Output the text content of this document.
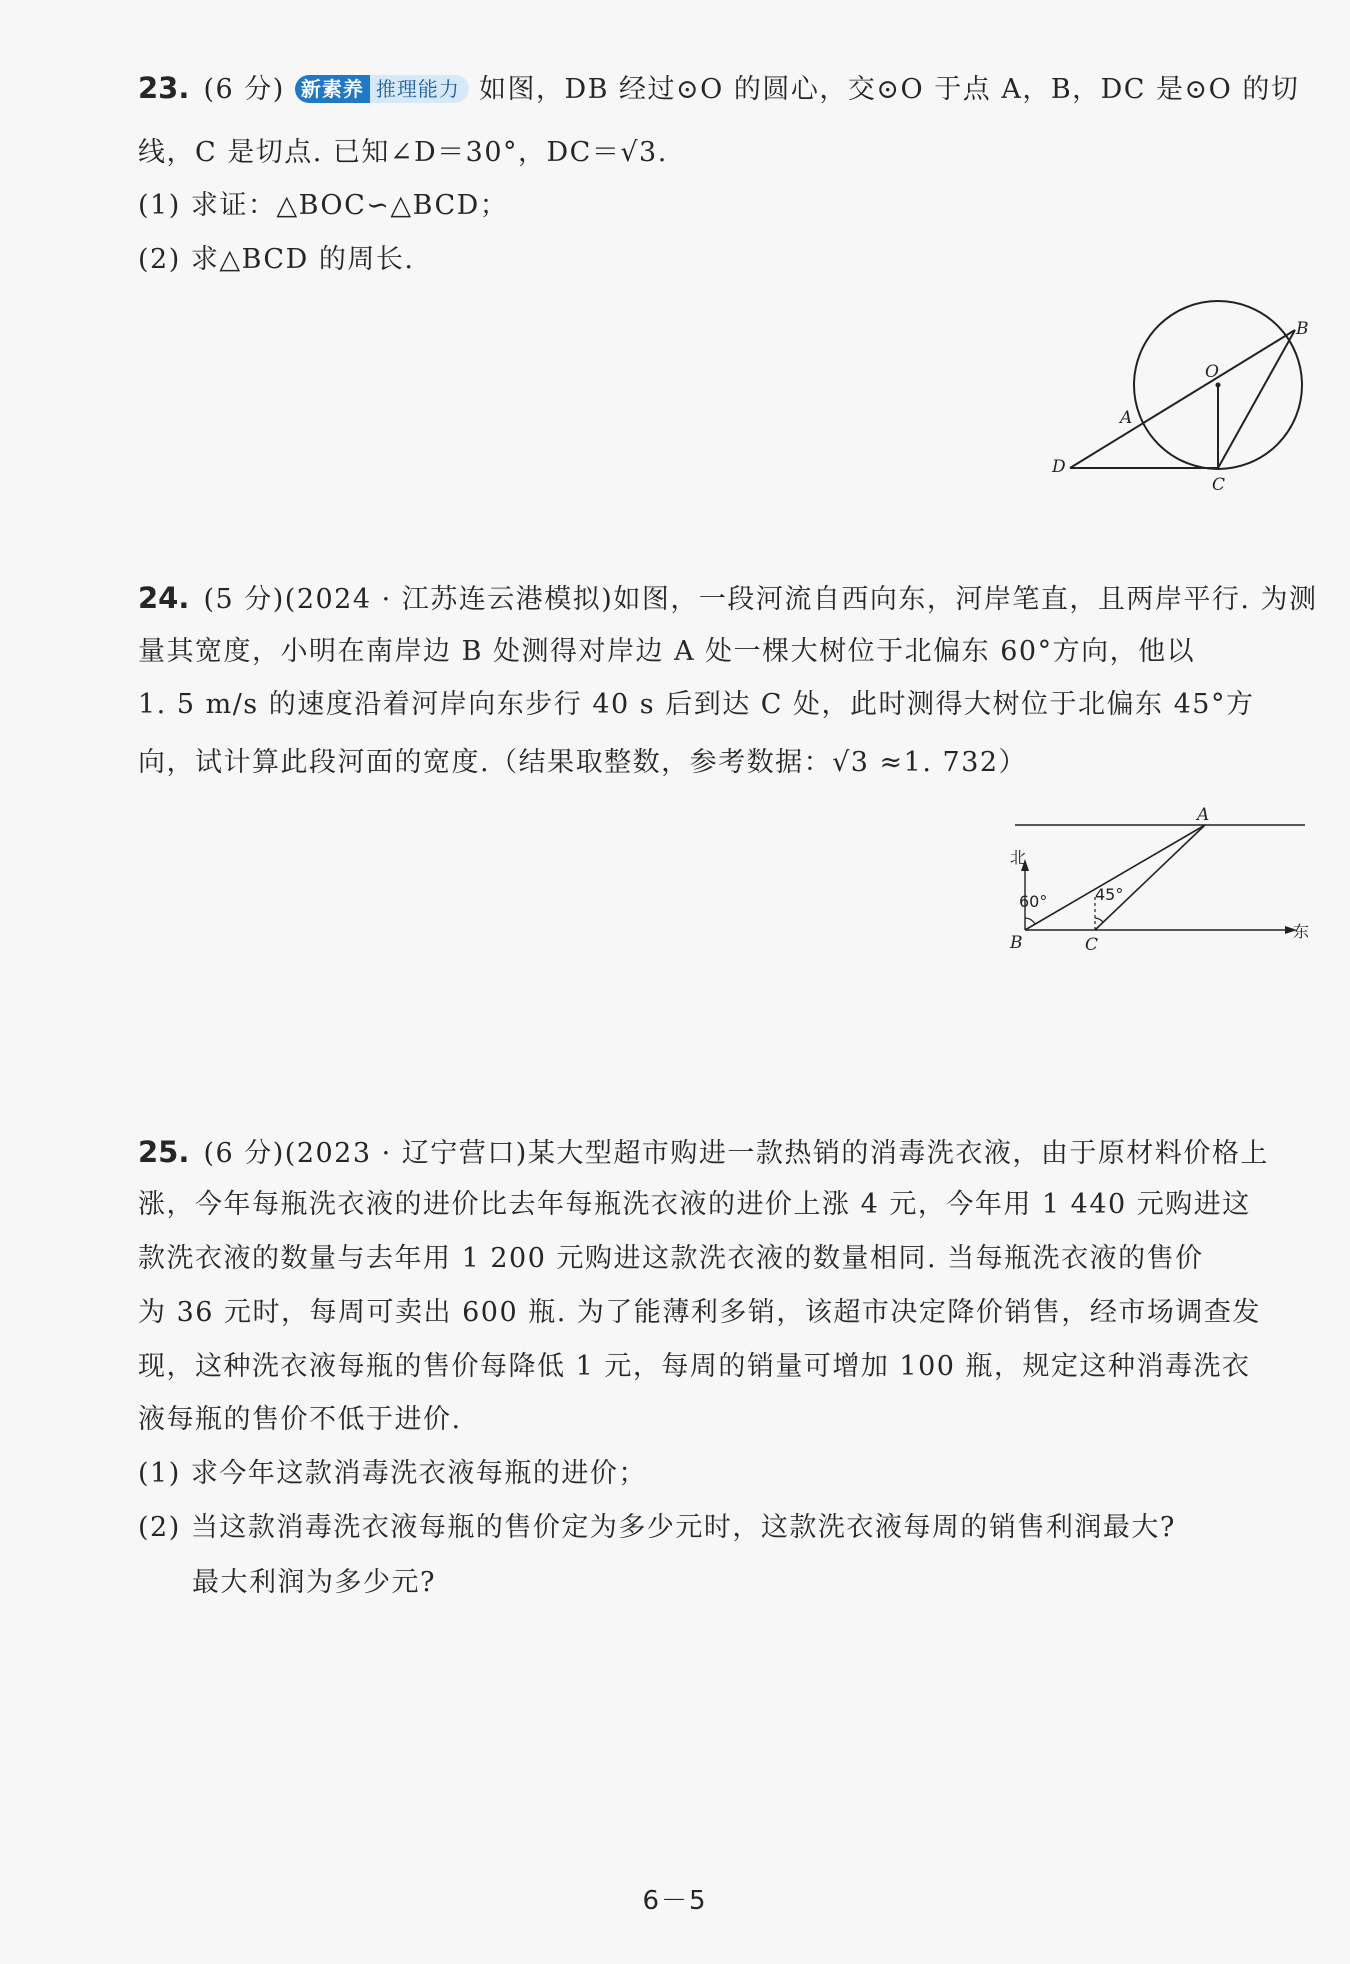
23. (6 分) 新素养 推理能力 如图，DB 经过⊙O 的圆心，交⊙O 于点 A，B，DC 是⊙O 的切
线，C 是切点. 已知∠D＝30°，DC＝√3.
(1) 求证：△BOC∽△BCD；
(2) 求△BCD 的周长.
B
O
A
D
C
24. (5 分)(2024 · 江苏连云港模拟)如图，一段河流自西向东，河岸笔直，且两岸平行. 为测
量其宽度，小明在南岸边 B 处测得对岸边 A 处一棵大树位于北偏东 60°方向，他以
1. 5 m/s 的速度沿着河岸向东步行 40 s 后到达 C 处，此时测得大树位于北偏东 45°方
向，试计算此段河面的宽度.（结果取整数，参考数据：√3 ≈1. 732）
A
B	C
北
东
60°	45°
25. (6 分)(2023 · 辽宁营口)某大型超市购进一款热销的消毒洗衣液，由于原材料价格上
涨，今年每瓶洗衣液的进价比去年每瓶洗衣液的进价上涨 4 元，今年用 1 440 元购进这
款洗衣液的数量与去年用 1 200 元购进这款洗衣液的数量相同. 当每瓶洗衣液的售价
为 36 元时，每周可卖出 600 瓶. 为了能薄利多销，该超市决定降价销售，经市场调查发
现，这种洗衣液每瓶的售价每降低 1 元，每周的销量可增加 100 瓶，规定这种消毒洗衣
液每瓶的售价不低于进价.
(1) 求今年这款消毒洗衣液每瓶的进价；
(2) 当这款消毒洗衣液每瓶的售价定为多少元时，这款洗衣液每周的销售利润最大?
最大利润为多少元?
6－5
